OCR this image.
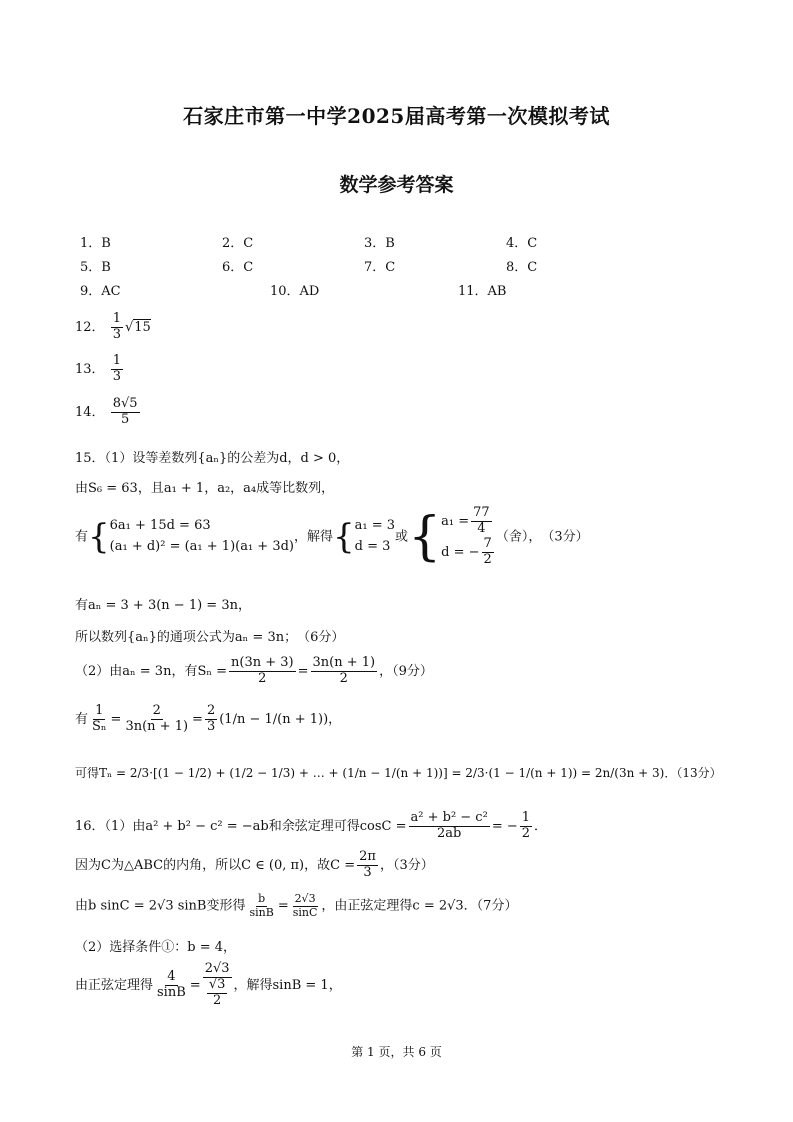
石家庄市第一中学2025届高考第一次模拟考试
数学参考答案
1．B	2．C	3．B	4．C
5．B	6．C	7．C	8．C
9．AC	10．AD	11．AB
12． $\frac{1}{3} √15$
13． $\frac{1}{3}$
14． $\frac{8√5}{5}$
15．（1）设等差数列{aₙ}的公差为d，d > 0，
由S₆ = 63，且a₁ + 1，a₂，a₄成等比数列，
有{ 6a₁ + 15d = 63
(a₁ + d)² = (a₁ + 1)(a₁ + 3d)
，解得{ a₁ = 3
d = 3
或{ $a_1 = \frac{77}{4}$
d = − $\frac{7}{2}$ （舍），　（3分）
有aₙ = 3 + 3(n − 1) = 3n，
所以数列{aₙ}的通项公式为aₙ = 3n；　（6分）
（2）由aₙ = 3n，有$S_n = \frac{n(3n + 3)}{2} = \frac{3n(n + 1)}{2}$ ，（9分）
有 $\frac{1}{\text{Sₙ}} = \frac{2}{3n(n + 1)} = \frac{2}{3} (1/n - 1/(n + 1))$，
可得Tₙ = 2/3·[(1 − 1/2) + (1/2 − 1/3) + … + (1/n − 1/(n + 1))] = 2/3·(1 − 1/(n + 1)) = 2n/(3n + 3)．（13分）
16．（1）由a² + b² − c² = −ab和余弦定理可得$\cos C = \frac{\text{a² + b² − c²}}{2ab}$ = − $\frac{1}{2}$ ．
因为C为△ABC的内角，所以C ∈ (0, π)，故$C = \frac{2\pi}{3}$ ，（3分）
由b sinC = 2√3 sinB变形得 $\frac{b}{\sin B} = \frac{2√3}{\sin C}$ ，由正弦定理得c = 2√3．（7分）
（2）选择条件①：b = 4，
由正弦定理得 $\frac{4}{\sin B} = \frac{2√3}{\frac{√3}{2}}$ ，解得sinB = 1，
第 1 页，共 6 页
